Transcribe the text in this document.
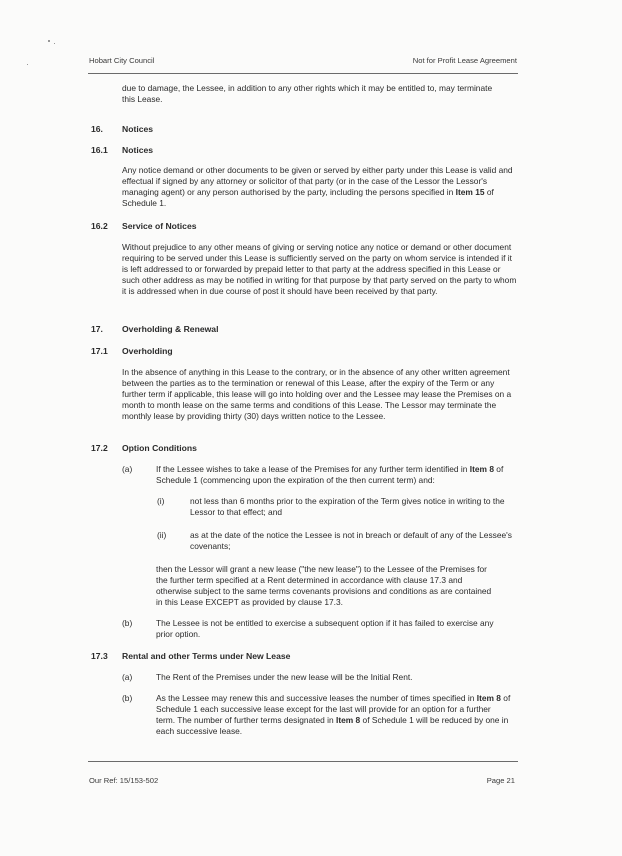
Hobart City Council	Not for Profit Lease Agreement
due to damage, the Lessee, in addition to any other rights which it may be entitled to, may terminate this Lease.
16. Notices
16.1 Notices
Any notice demand or other documents to be given or served by either party under this Lease is valid and effectual if signed by any attorney or solicitor of that party (or in the case of the Lessor the Lessor's managing agent) or any person authorised by the party, including the persons specified in Item 15 of Schedule 1.
16.2 Service of Notices
Without prejudice to any other means of giving or serving notice any notice or demand or other document requiring to be served under this Lease is sufficiently served on the party on whom service is intended if it is left addressed to or forwarded by prepaid letter to that party at the address specified in this Lease or such other address as may be notified in writing for that purpose by that party served on the party to whom it is addressed when in due course of post it should have been received by that party.
17. Overholding & Renewal
17.1 Overholding
In the absence of anything in this Lease to the contrary, or in the absence of any other written agreement between the parties as to the termination or renewal of this Lease, after the expiry of the Term or any further term if applicable, this lease will go into holding over and the Lessee may lease the Premises on a month to month lease on the same terms and conditions of this Lease. The Lessor may terminate the monthly lease by providing thirty (30) days written notice to the Lessee.
17.2 Option Conditions
(a)	If the Lessee wishes to take a lease of the Premises for any further term identified in Item 8 of Schedule 1 (commencing upon the expiration of the then current term) and:
(i)	not less than 6 months prior to the expiration of the Term gives notice in writing to the Lessor to that effect; and
(ii)	as at the date of the notice the Lessee is not in breach or default of any of the Lessee's covenants;
then the Lessor will grant a new lease ("the new lease") to the Lessee of the Premises for the further term specified at a Rent determined in accordance with clause 17.3 and otherwise subject to the same terms covenants provisions and conditions as are contained in this Lease EXCEPT as provided by clause 17.3.
(b)	The Lessee is not be entitled to exercise a subsequent option if it has failed to exercise any prior option.
17.3 Rental and other Terms under New Lease
(a)	The Rent of the Premises under the new lease will be the Initial Rent.
(b)	As the Lessee may renew this and successive leases the number of times specified in Item 8 of Schedule 1 each successive lease except for the last will provide for an option for a further term. The number of further terms designated in Item 8 of Schedule 1 will be reduced by one in each successive lease.
Our Ref: 15/153-502	Page 21
